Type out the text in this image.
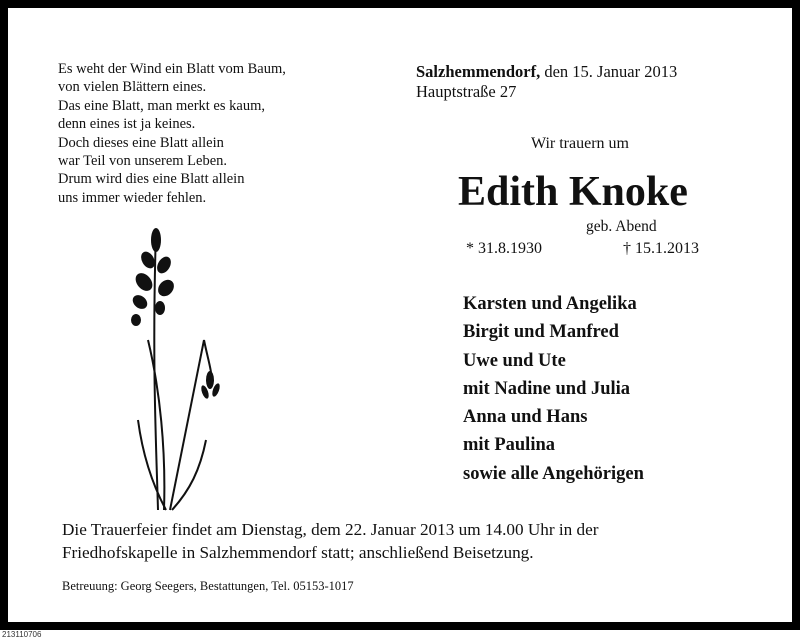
Es weht der Wind ein Blatt vom Baum,
von vielen Blättern eines.
Das eine Blatt, man merkt es kaum,
denn eines ist ja keines.
Doch dieses eine Blatt allein
war Teil von unserem Leben.
Drum wird dies eine Blatt allein
uns immer wieder fehlen.
Salzhemmendorf, den 15. Januar 2013
Hauptstraße 27
Wir trauern um
Edith Knoke
geb. Abend
* 31.8.1930	† 15.1.2013
Karsten und Angelika
Birgit und Manfred
Uwe und Ute
mit Nadine und Julia
Anna und Hans
mit Paulina
sowie alle Angehörigen
Die Trauerfeier findet am Dienstag, dem 22. Januar 2013 um 14.00 Uhr in der
Friedhofskapelle in Salzhemmendorf statt; anschließend Beisetzung.
Betreuung: Georg Seegers, Bestattungen, Tel. 05153-1017
213110706
